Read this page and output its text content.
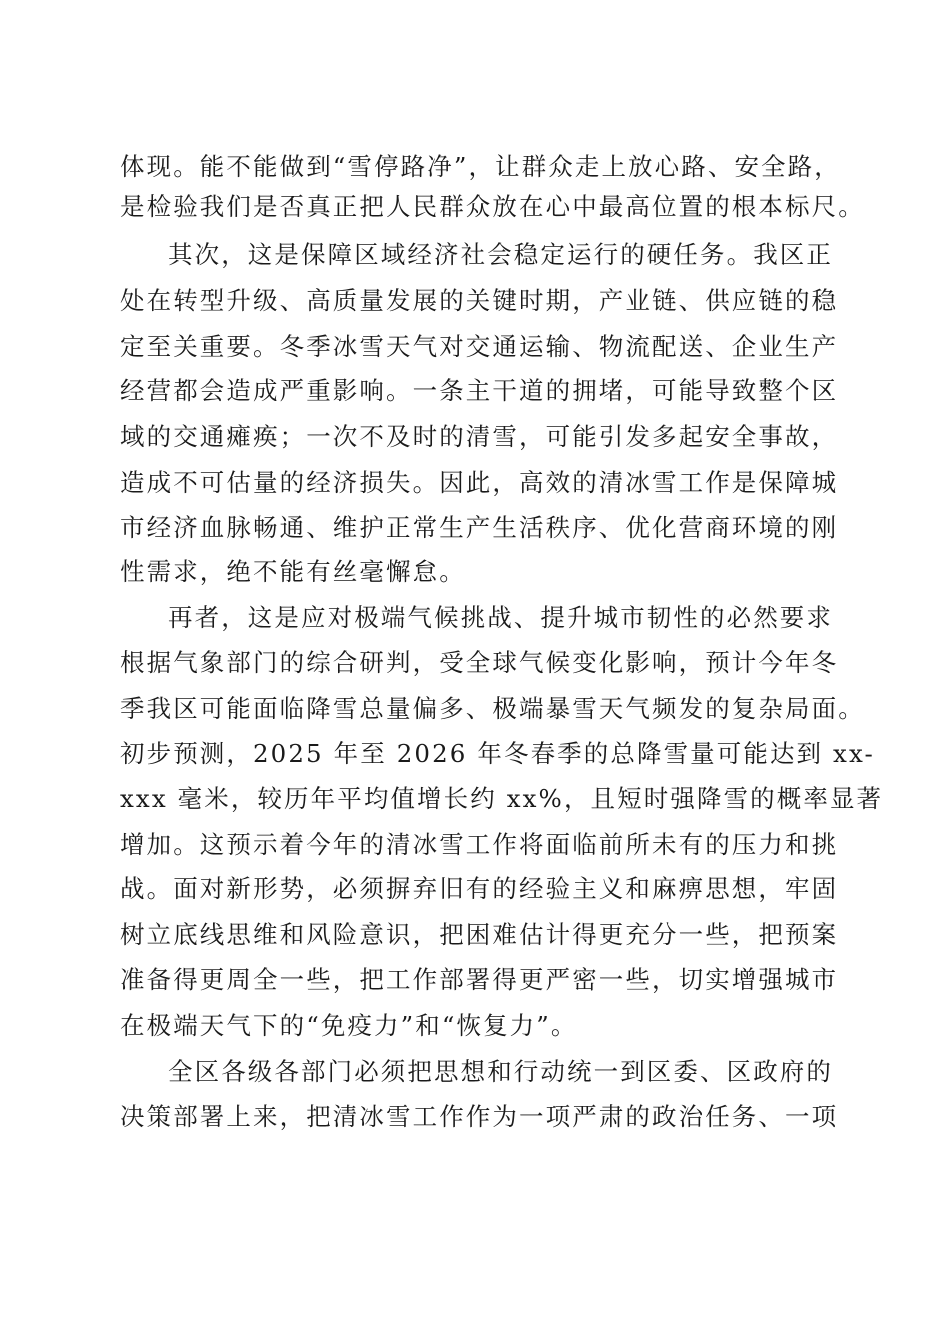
体现。能不能做到“雪停路净”，让群众走上放心路、安全路，
是检验我们是否真正把人民群众放在心中最高位置的根本标尺。
其次，这是保障区域经济社会稳定运行的硬任务。我区正
处在转型升级、高质量发展的关键时期，产业链、供应链的稳
定至关重要。冬季冰雪天气对交通运输、物流配送、企业生产
经营都会造成严重影响。一条主干道的拥堵，可能导致整个区
域的交通瘫痪；一次不及时的清雪，可能引发多起安全事故，
造成不可估量的经济损失。因此，高效的清冰雪工作是保障城
市经济血脉畅通、维护正常生产生活秩序、优化营商环境的刚
性需求，绝不能有丝毫懈怠。
再者，这是应对极端气候挑战、提升城市韧性的必然要求
根据气象部门的综合研判，受全球气候变化影响，预计今年冬
季我区可能面临降雪总量偏多、极端暴雪天气频发的复杂局面。
初步预测，2025 年至 2026 年冬春季的总降雪量可能达到 xx-
xxx 毫米，较历年平均值增长约 xx%，且短时强降雪的概率显著
增加。这预示着今年的清冰雪工作将面临前所未有的压力和挑
战。面对新形势，必须摒弃旧有的经验主义和麻痹思想，牢固
树立底线思维和风险意识，把困难估计得更充分一些，把预案
准备得更周全一些，把工作部署得更严密一些，切实增强城市
在极端天气下的“免疫力”和“恢复力”。
全区各级各部门必须把思想和行动统一到区委、区政府的
决策部署上来，把清冰雪工作作为一项严肃的政治任务、一项
